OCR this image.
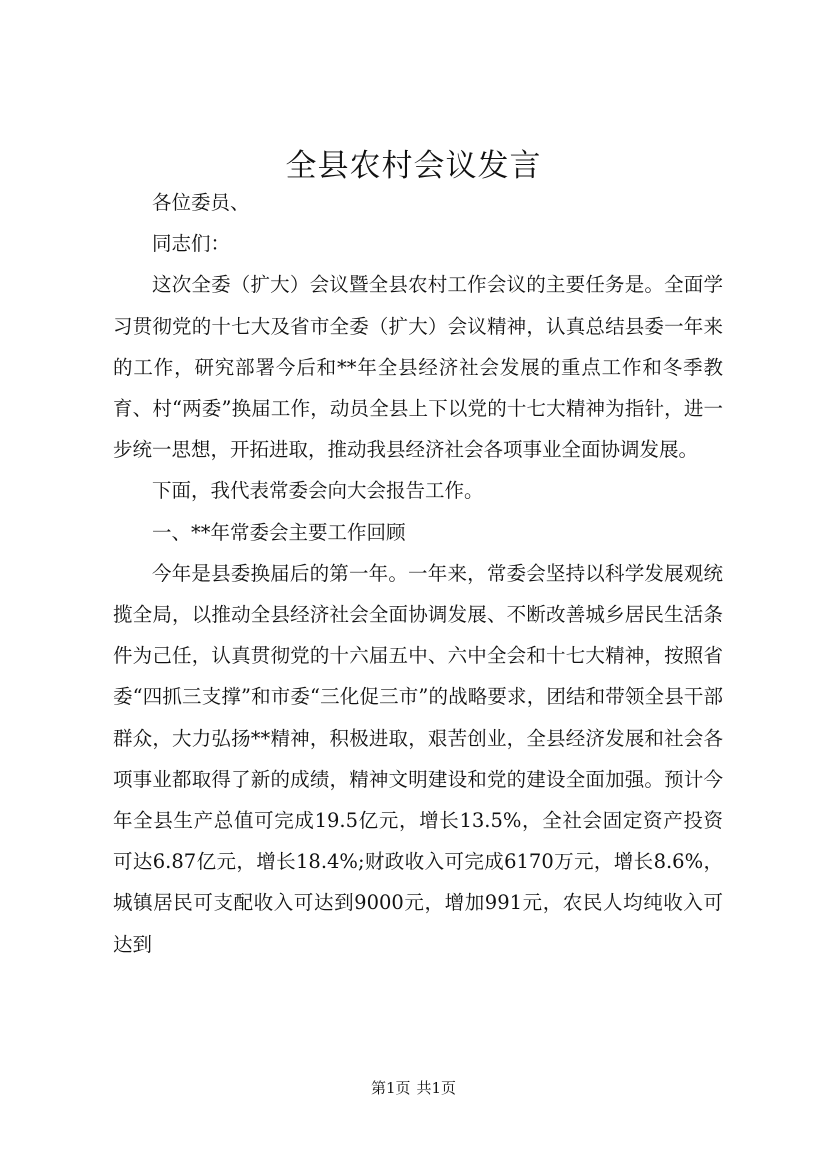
全县农村会议发言

各位委员、

同志们：

这次全委（扩大）会议暨全县农村工作会议的主要任务是。全面学习贯彻党的十七大及省市全委（扩大）会议精神，认真总结县委一年来的工作，研究部署今后和**年全县经济社会发展的重点工作和冬季教育、村“两委”换届工作，动员全县上下以党的十七大精神为指针，进一步统一思想，开拓进取，推动我县经济社会各项事业全面协调发展。

下面，我代表常委会向大会报告工作。

一、**年常委会主要工作回顾

今年是县委换届后的第一年。一年来，常委会坚持以科学发展观统揽全局，以推动全县经济社会全面协调发展、不断改善城乡居民生活条件为己任，认真贯彻党的十六届五中、六中全会和十七大精神，按照省委“四抓三支撑”和市委“三化促三市”的战略要求，团结和带领全县干部群众，大力弘扬**精神，积极进取，艰苦创业，全县经济发展和社会各项事业都取得了新的成绩，精神文明建设和党的建设全面加强。预计今年全县生产总值可完成19.5亿元，增长13.5%，全社会固定资产投资可达6.87亿元，增长18.4%;财政收入可完成6170万元，增长8.6%，城镇居民可支配收入可达到9000元，增加991元，农民人均纯收入可达到

第1页 共1页
